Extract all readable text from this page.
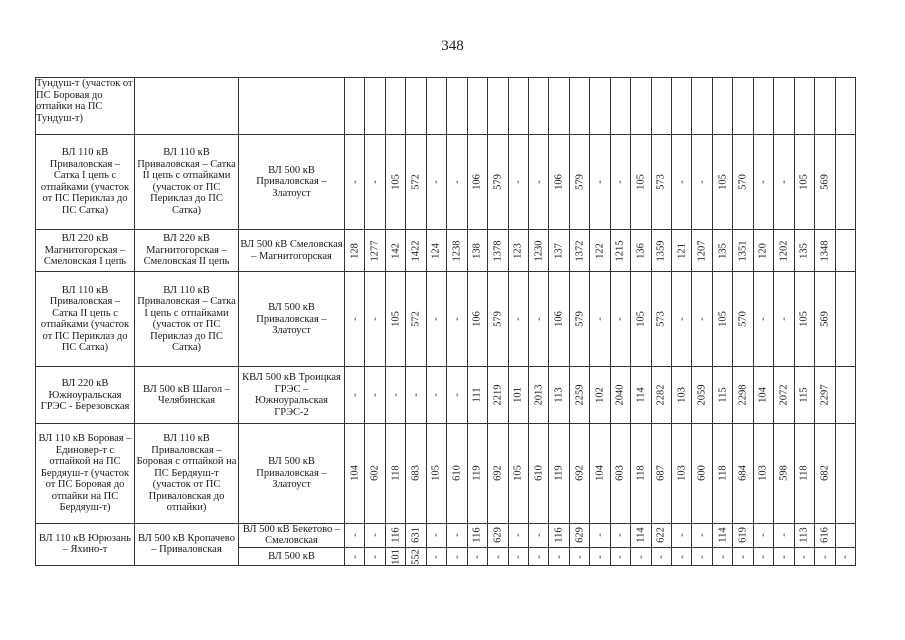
348
Тундуш-т (участок от ПС Боровая до отпайки на ПС Тундуш-т)			

ВЛ 110 кВ Приваловская – Сатка I цепь с отпайками (участок от ПС Периклаз до ПС Сатка)	ВЛ 110 кВ Приваловская – Сатка II цепь с отпайками (участок от ПС Периклаз до ПС Сатка)	ВЛ 500 кВ Приваловская – Златоуст	-	-	105	572	-	-	106	579	-	-	106	579	-	-	105	573	-	-	105	570	-	-	105	569	

ВЛ 220 кВ Магнитогорская – Смеловская I цепь	ВЛ 220 кВ Магнитогорская – Смеловская II цепь	ВЛ 500 кВ Смеловская – Магнитогорская	128	1277	142	1422	124	1238	138	1378	123	1230	137	1372	122	1215	136	1359	121	1207	135	1351	120	1202	135	1348	

ВЛ 110 кВ Приваловская – Сатка II цепь с отпайками (участок от ПС Периклаз до ПС Сатка)	ВЛ 110 кВ Приваловская – Сатка I цепь с отпайками (участок от ПС Периклаз до ПС Сатка)	ВЛ 500 кВ Приваловская – Златоуст	-	-	105	572	-	-	106	579	-	-	106	579	-	-	105	573	-	-	105	570	-	-	105	569	

ВЛ 220 кВ Южноуральская ГРЭС - Березовская	ВЛ 500 кВ Шагол – Челябинская	КВЛ 500 кВ Троицкая ГРЭС – Южноуральская ГРЭС-2	-	-	-	-	-	-	111	2219	101	2013	113	2259	102	2040	114	2282	103	2059	115	2298	104	2072	115	2297	

ВЛ 110 кВ Боровая – Единовер-т с отпайкой на ПС Бердяуш-т (участок от ПС Боровая до отпайки на ПС Бердяуш-т)	ВЛ 110 кВ Приваловская – Боровая с отпайкой на ПС Бердяуш-т (участок от ПС Приваловская до отпайки)	ВЛ 500 кВ Приваловская – Златоуст	104	602	118	683	105	610	119	692	105	610	119	692	104	603	118	687	103	600	118	684	103	598	118	682	

ВЛ 110 кВ Юрюзань – Яхино-т	ВЛ 500 кВ Кропачево – Приваловская	ВЛ 500 кВ Бекетово – Смеловская	-	-	116	631	-	-	116	629	-	-	116	629	-	-	114	622	-	-	114	619	-	-	113	616	

		ВЛ 500 кВ	-	-	101	552	-	-	-	-	-	-	-	-	-	-	-	-	-	-	-	-	-	-	-	-	-
